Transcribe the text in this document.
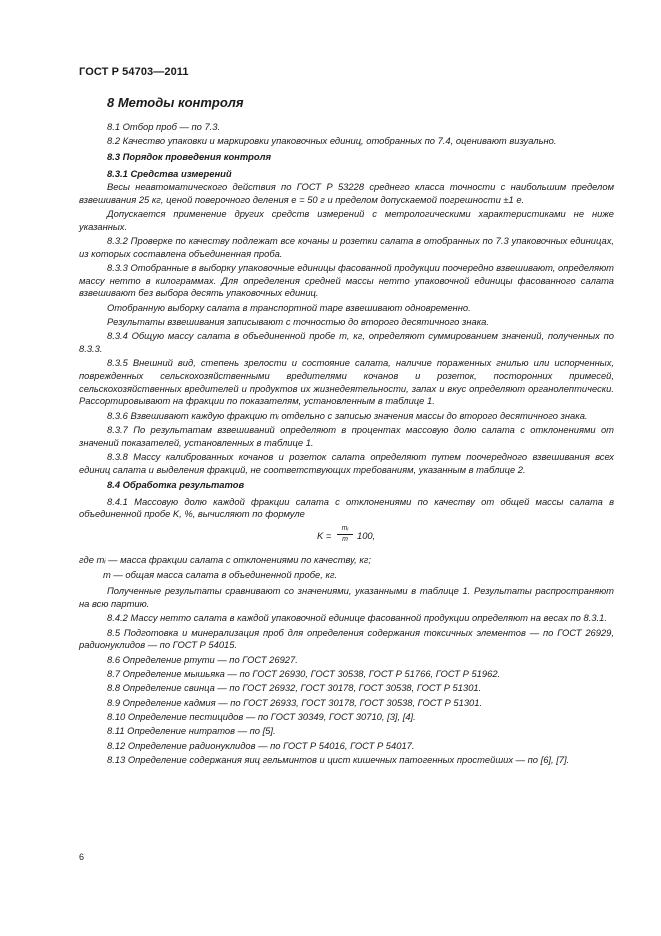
ГОСТ Р 54703—2011
8 Методы контроля

8.1 Отбор проб — по 7.3.

8.2 Качество упаковки и маркировки упаковочных единиц, отобранных по 7.4, оценивают визуально.

8.3 Порядок проведения контроля

8.3.1 Средства измерений

Весы неавтоматического действия по ГОСТ Р 53228 среднего класса точности с наибольшим пределом взвешивания 25 кг, ценой поверочного деления e = 50 г и пределом допускаемой погрешности ±1 e.

Допускается применение других средств измерений с метрологическими характеристиками не ниже указанных.

8.3.2 Проверке по качеству подлежат все кочаны и розетки салата в отобранных по 7.3 упаковочных единицах, из которых составлена объединенная проба.

8.3.3 Отобранные в выборку упаковочные единицы фасованной продукции поочередно взвешивают, определяют массу нетто в килограммах. Для определения средней массы нетто упаковочной единицы фасованного салата взвешивают без выбора десять упаковочных единиц.

Отобранную выборку салата в транспортной таре взвешивают одновременно.

Результаты взвешивания записывают с точностью до второго десятичного знака.

8.3.4 Общую массу салата в объединенной пробе m, кг, определяют суммированием значений, полученных по 8.3.3.

8.3.5 Внешний вид, степень зрелости и состояние салата, наличие пораженных гнилью или испорченных, поврежденных сельскохозяйственными вредителями кочанов и розеток, посторонних примесей, сельскохозяйственных вредителей и продуктов их жизнедеятельности, запах и вкус определяют органолептически. Рассортировывают на фракции по показателям, установленным в таблице 1.

8.3.6 Взвешивают каждую фракцию mᵢ отдельно с записью значения массы до второго десятичного знака.

8.3.7 По результатам взвешиваний определяют в процентах массовую долю салата с отклонениями от значений показателей, установленных в таблице 1.

8.3.8 Массу калиброванных кочанов и розеток салата определяют путем поочередного взвешивания всех единиц салата и выделения фракций, не соответствующих требованиям, указанным в таблице 2.

8.4 Обработка результатов

8.4.1 Массовую долю каждой фракции салата с отклонениями по качеству от общей массы салата в объединенной пробе K, %, вычисляют по формуле

$K = \frac{\text{mᵢ}}{m} 100$,

где mᵢ — масса фракции салата с отклонениями по качеству, кг;

m — общая масса салата в объединенной пробе, кг.

Полученные результаты сравнивают со значениями, указанными в таблице 1. Результаты распространяют на всю партию.

8.4.2 Массу нетто салата в каждой упаковочной единице фасованной продукции определяют на весах по 8.3.1.

8.5 Подготовка и минерализация проб для определения содержания токсичных элементов — по ГОСТ 26929, радионуклидов — по ГОСТ Р 54015.

8.6 Определение ртути — по ГОСТ 26927.

8.7 Определение мышьяка — по ГОСТ 26930, ГОСТ 30538, ГОСТ Р 51766, ГОСТ Р 51962.

8.8 Определение свинца — по ГОСТ 26932, ГОСТ 30178, ГОСТ 30538, ГОСТ Р 51301.

8.9 Определение кадмия — по ГОСТ 26933, ГОСТ 30178, ГОСТ 30538, ГОСТ Р 51301.

8.10 Определение пестицидов — по ГОСТ 30349, ГОСТ 30710, [3], [4].

8.11 Определение нитратов — по [5].

8.12 Определение радионуклидов — по ГОСТ Р 54016, ГОСТ Р 54017.

8.13 Определение содержания яиц гельминтов и цист кишечных патогенных простейших — по [6], [7].

6
